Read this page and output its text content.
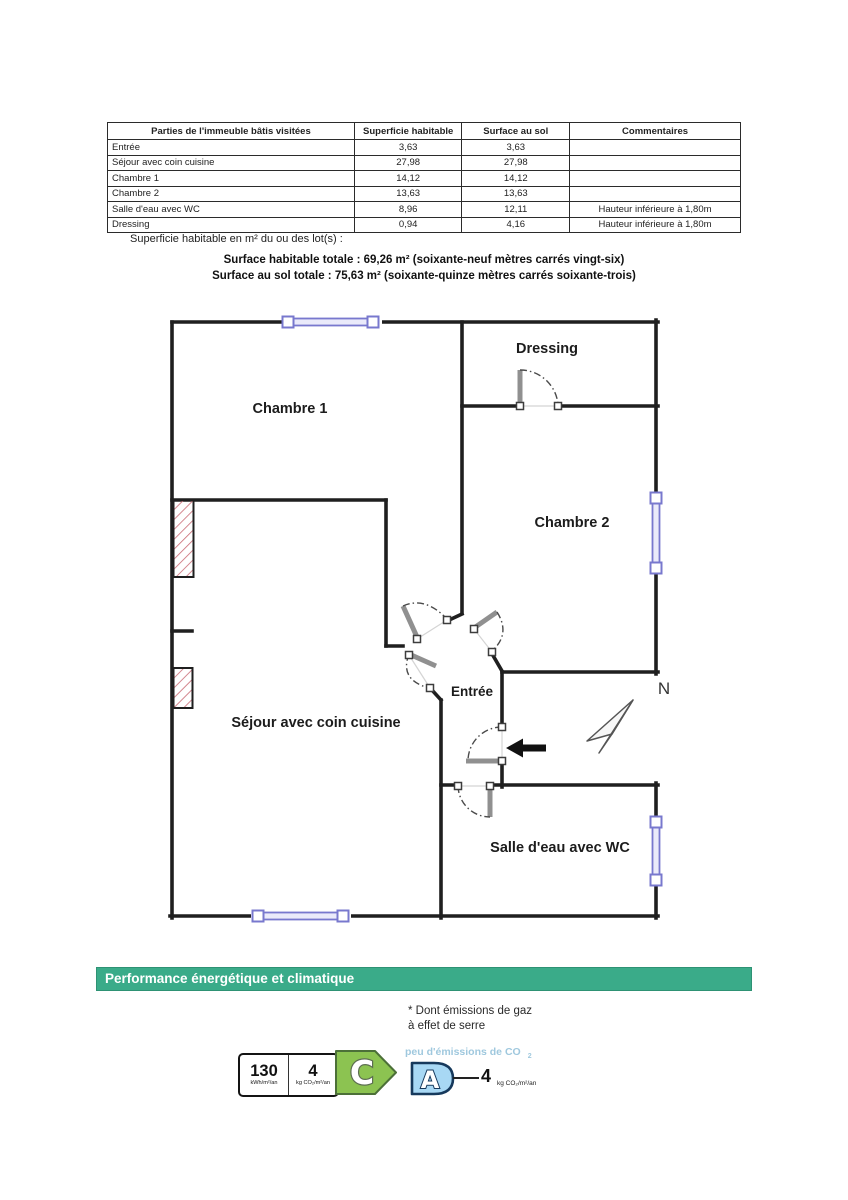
Parties de l'immeuble bâtis visitées	Superficie habitable	Surface au sol	Commentaires
Entrée	3,63	3,63	
Séjour avec coin cuisine	27,98	27,98	
Chambre 1	14,12	14,12	
Chambre 2	13,63	13,63	
Salle d'eau avec WC	8,96	12,11	Hauteur inférieure à 1,80m
Dressing	0,94	4,16	Hauteur inférieure à 1,80m
Superficie habitable en m² du ou des lot(s) :
Surface habitable totale : 69,26 m² (soixante-neuf mètres carrés vingt-six)
Surface au sol totale : 75,63 m² (soixante-quinze mètres carrés soixante-trois)
Chambre 1
Dressing
Chambre 2
Séjour avec coin cuisine
Entrée
Salle d'eau avec WC
N
Performance énergétique et climatique
* Dont émissions de gaz
à effet de serre
peu d'émissions de CO $_2$
130
kWh/m²/an
4
kg CO₂/m²/an C A 4 kg CO₂/m²/an
